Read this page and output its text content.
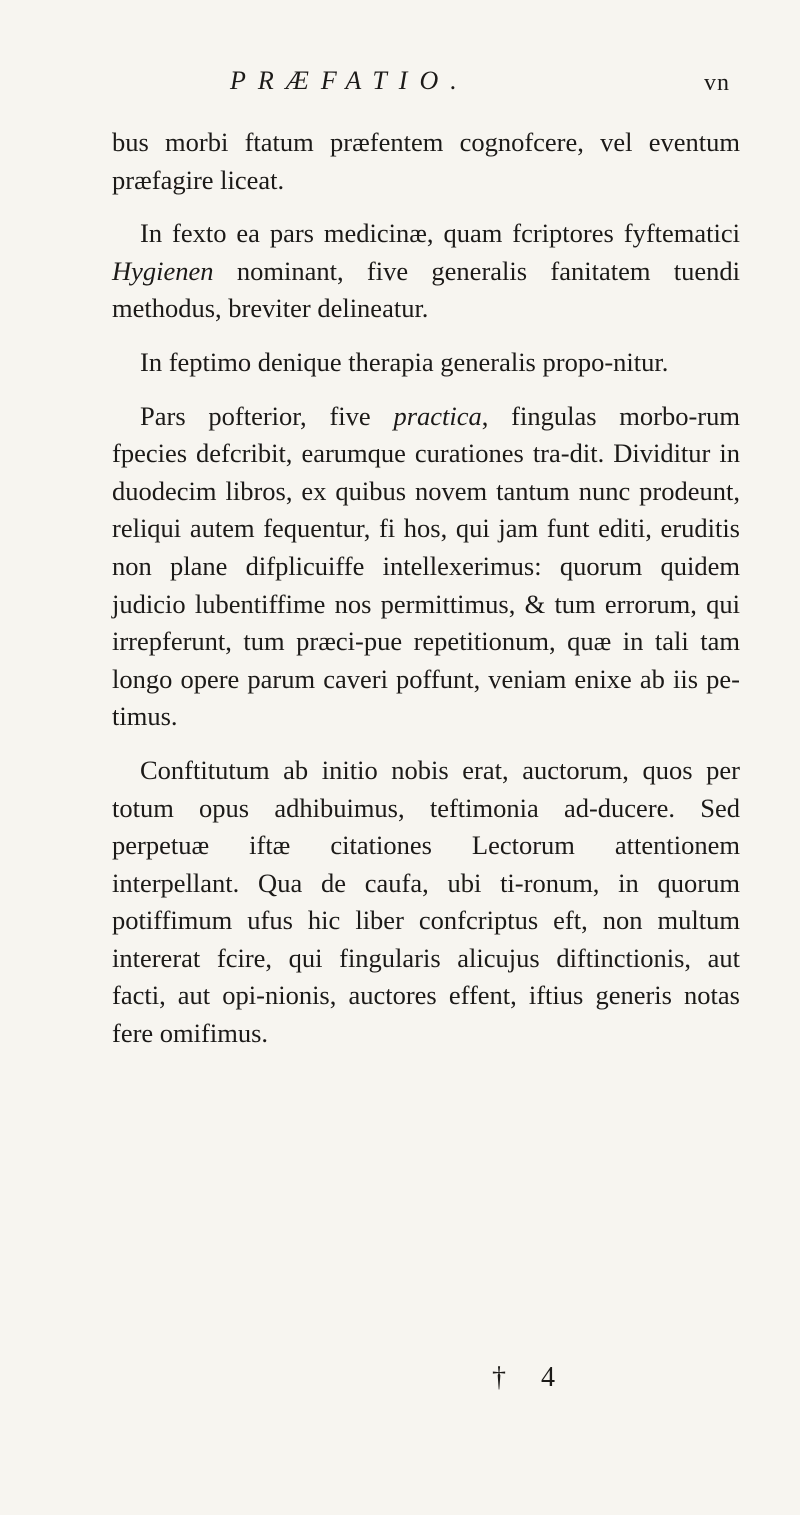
PRÆFATIO.	vn

bus morbi ftatum præfentem cognofcere, vel eventum præfagire liceat.

In fexto ea pars medicinæ, quam fcriptores fyftematici Hygienen nominant, five generalis fanitatem tuendi methodus, breviter delineatur.

In feptimo denique therapia generalis propo-nitur.

Pars pofterior, five practica, fingulas morbo-rum fpecies defcribit, earumque curationes tra-dit. Dividitur in duodecim libros, ex quibus novem tantum nunc prodeunt, reliqui autem fequentur, fi hos, qui jam funt editi, eruditis non plane difplicuiffe intellexerimus: quorum quidem judicio lubentiffime nos permittimus, & tum errorum, qui irrepferunt, tum præci-pue repetitionum, quæ in tali tam longo opere parum caveri poffunt, veniam enixe ab iis pe-timus.

Conftitutum ab initio nobis erat, auctorum, quos per totum opus adhibuimus, teftimonia ad-ducere. Sed perpetuæ iftæ citationes Lectorum attentionem interpellant. Qua de caufa, ubi ti-ronum, in quorum potiffimum ufus hic liber confcriptus eft, non multum intererat fcire, qui fingularis alicujus diftinctionis, aut facti, aut opi-nionis, auctores effent, iftius generis notas fere omifimus.

† 4
